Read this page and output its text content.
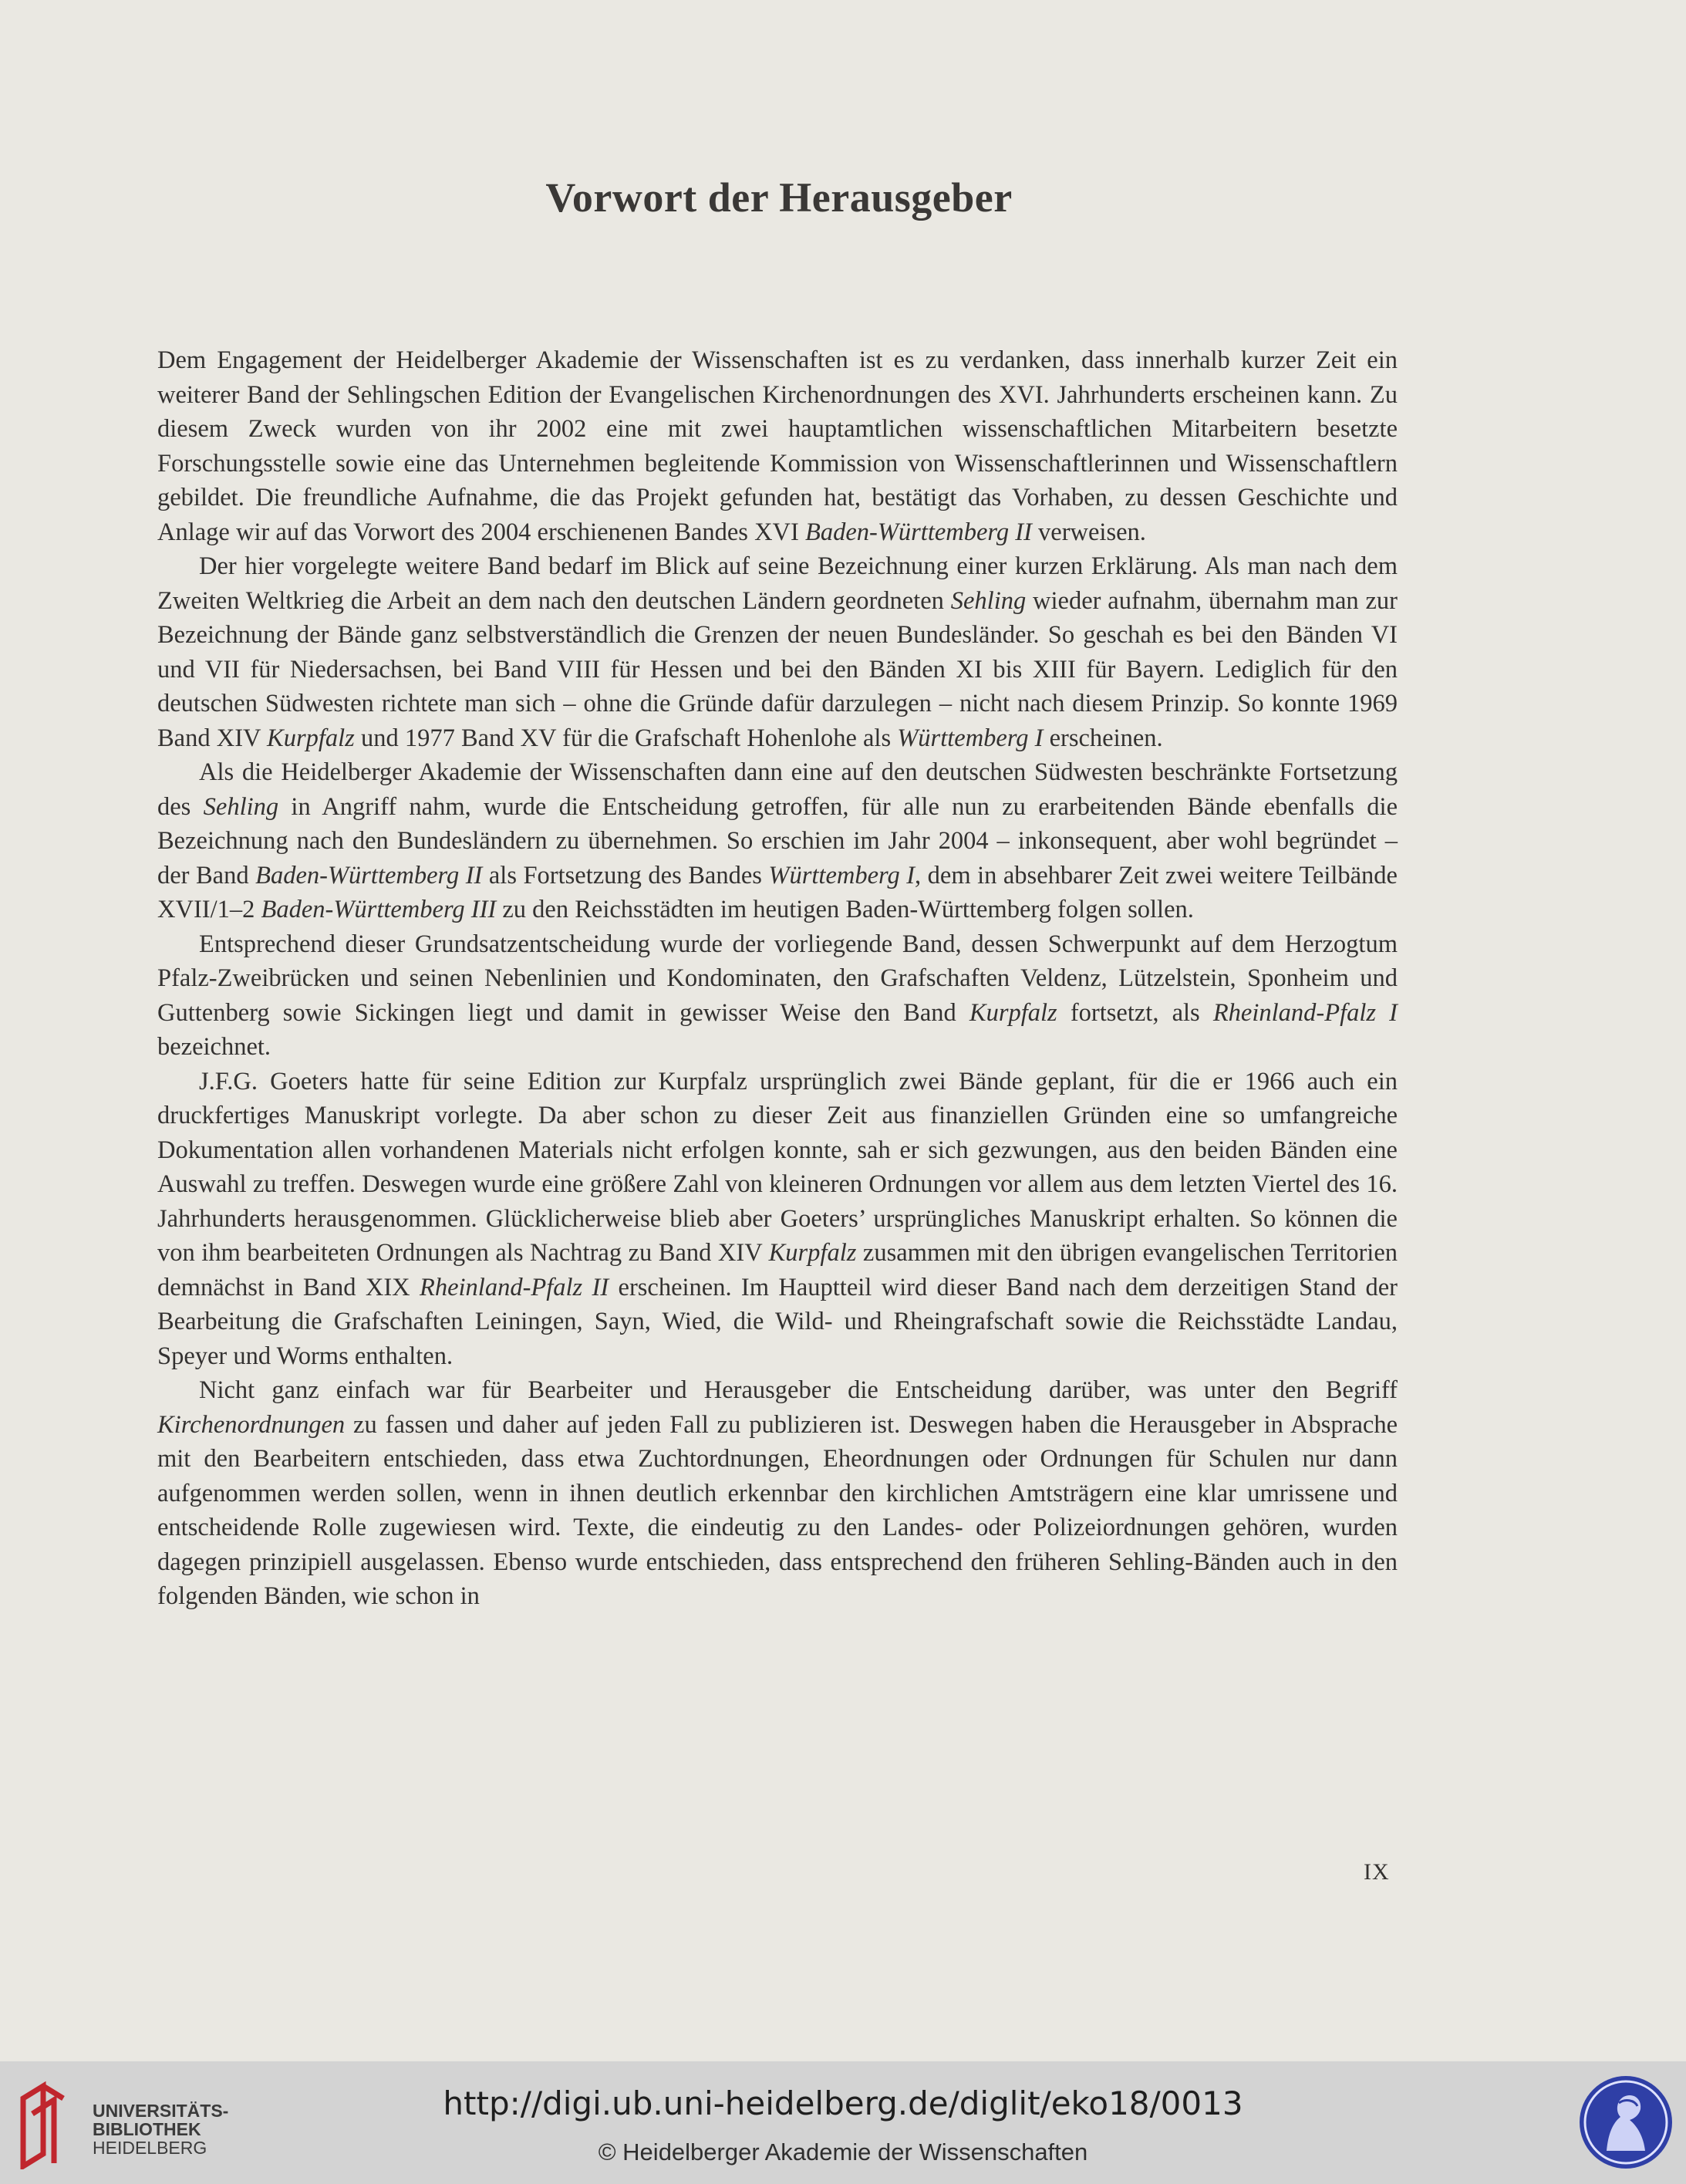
Vorwort der Herausgeber

Dem Engagement der Heidelberger Akademie der Wissenschaften ist es zu verdanken, dass innerhalb kurzer Zeit ein weiterer Band der Sehlingschen Edition der Evangelischen Kirchenordnungen des XVI. Jahrhunderts erscheinen kann. Zu diesem Zweck wurden von ihr 2002 eine mit zwei hauptamtlichen wissenschaftlichen Mitarbeitern besetzte Forschungsstelle sowie eine das Unternehmen begleitende Kommission von Wissenschaftlerinnen und Wissenschaftlern gebildet. Die freundliche Aufnahme, die das Projekt gefunden hat, bestätigt das Vorhaben, zu dessen Geschichte und Anlage wir auf das Vorwort des 2004 erschienenen Bandes XVI Baden-Württemberg II verweisen.

Der hier vorgelegte weitere Band bedarf im Blick auf seine Bezeichnung einer kurzen Erklärung. Als man nach dem Zweiten Weltkrieg die Arbeit an dem nach den deutschen Ländern geordneten Sehling wieder aufnahm, übernahm man zur Bezeichnung der Bände ganz selbstverständlich die Grenzen der neuen Bundesländer. So geschah es bei den Bänden VI und VII für Niedersachsen, bei Band VIII für Hessen und bei den Bänden XI bis XIII für Bayern. Lediglich für den deutschen Südwesten richtete man sich – ohne die Gründe dafür darzulegen – nicht nach diesem Prinzip. So konnte 1969 Band XIV Kurpfalz und 1977 Band XV für die Grafschaft Hohenlohe als Württemberg I erscheinen.

Als die Heidelberger Akademie der Wissenschaften dann eine auf den deutschen Südwesten beschränkte Fortsetzung des Sehling in Angriff nahm, wurde die Entscheidung getroffen, für alle nun zu erarbeitenden Bände ebenfalls die Bezeichnung nach den Bundesländern zu übernehmen. So erschien im Jahr 2004 – inkonsequent, aber wohl begründet – der Band Baden-Württemberg II als Fortsetzung des Bandes Württemberg I, dem in absehbarer Zeit zwei weitere Teilbände XVII/1–2 Baden-Württemberg III zu den Reichsstädten im heutigen Baden-Württemberg folgen sollen.

Entsprechend dieser Grundsatzentscheidung wurde der vorliegende Band, dessen Schwerpunkt auf dem Herzogtum Pfalz-Zweibrücken und seinen Nebenlinien und Kondominaten, den Grafschaften Veldenz, Lützelstein, Sponheim und Guttenberg sowie Sickingen liegt und damit in gewisser Weise den Band Kurpfalz fortsetzt, als Rheinland-Pfalz I bezeichnet.

J.F.G. Goeters hatte für seine Edition zur Kurpfalz ursprünglich zwei Bände geplant, für die er 1966 auch ein druckfertiges Manuskript vorlegte. Da aber schon zu dieser Zeit aus finanziellen Gründen eine so umfangreiche Dokumentation allen vorhandenen Materials nicht erfolgen konnte, sah er sich gezwungen, aus den beiden Bänden eine Auswahl zu treffen. Deswegen wurde eine größere Zahl von kleineren Ordnungen vor allem aus dem letzten Viertel des 16. Jahrhunderts herausgenommen. Glücklicherweise blieb aber Goeters’ ursprüngliches Manuskript erhalten. So können die von ihm bearbeiteten Ordnungen als Nachtrag zu Band XIV Kurpfalz zusammen mit den übrigen evangelischen Territorien demnächst in Band XIX Rheinland-Pfalz II erscheinen. Im Hauptteil wird dieser Band nach dem derzeitigen Stand der Bearbeitung die Grafschaften Leiningen, Sayn, Wied, die Wild- und Rheingrafschaft sowie die Reichsstädte Landau, Speyer und Worms enthalten.

Nicht ganz einfach war für Bearbeiter und Herausgeber die Entscheidung darüber, was unter den Begriff Kirchenordnungen zu fassen und daher auf jeden Fall zu publizieren ist. Deswegen haben die Herausgeber in Absprache mit den Bearbeitern entschieden, dass etwa Zuchtordnungen, Eheordnungen oder Ordnungen für Schulen nur dann aufgenommen werden sollen, wenn in ihnen deutlich erkennbar den kirchlichen Amtsträgern eine klar umrissene und entscheidende Rolle zugewiesen wird. Texte, die eindeutig zu den Landes- oder Polizeiordnungen gehören, wurden dagegen prinzipiell ausgelassen. Ebenso wurde entschieden, dass entsprechend den früheren Sehling-Bänden auch in den folgenden Bänden, wie schon in

IX
UNIVERSITÄTS-
BIBLIOTHEK
HEIDELBERG
http://digi.ub.uni-heidelberg.de/diglit/eko18/0013
© Heidelberger Akademie der Wissenschaften
